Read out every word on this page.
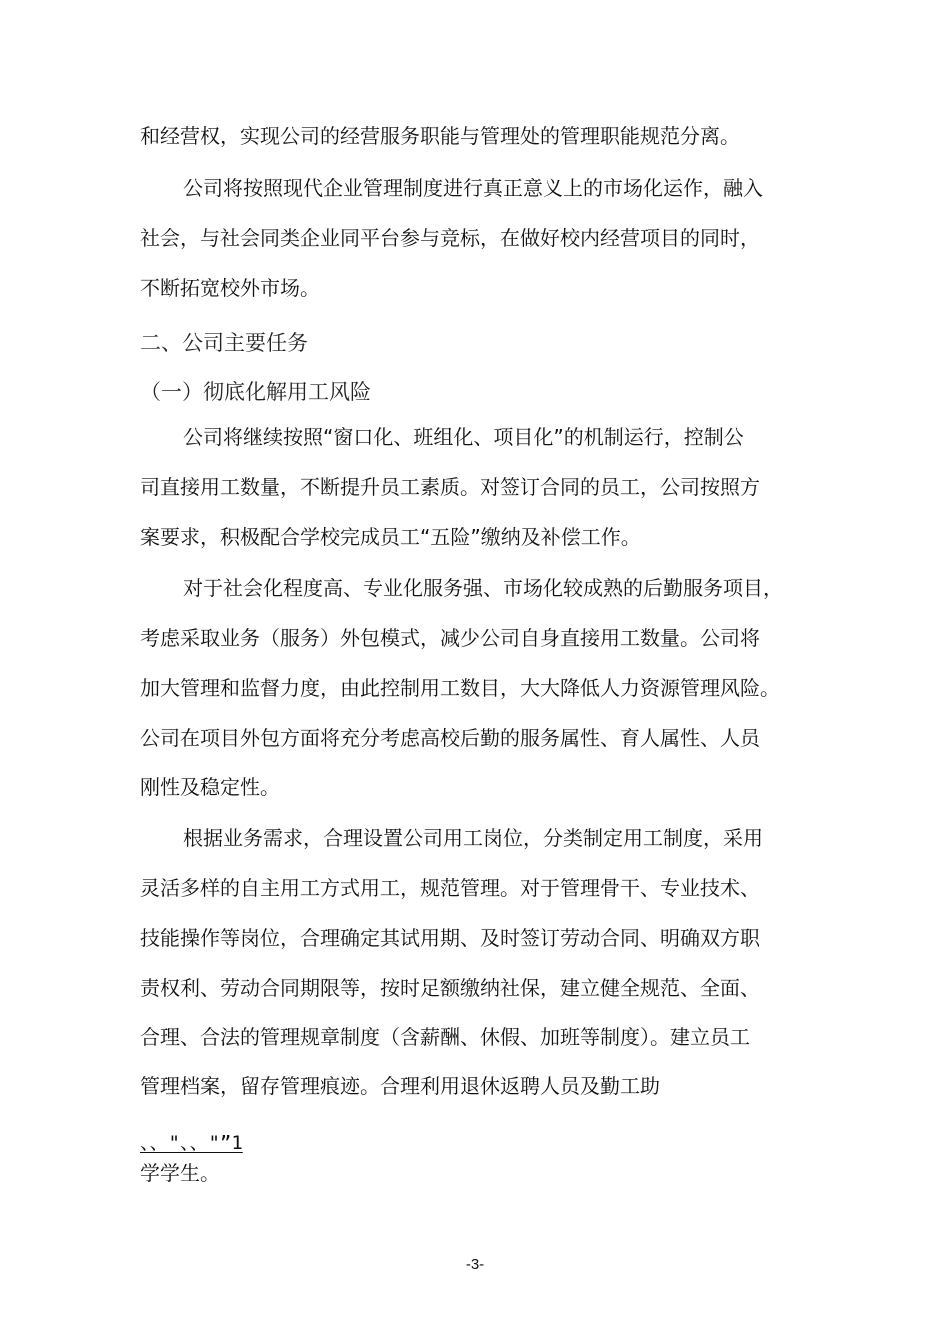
和经营权，实现公司的经营服务职能与管理处的管理职能规范分离。
公司将按照现代企业管理制度进行真正意义上的市场化运作，融入
社会，与社会同类企业同平台参与竞标，在做好校内经营项目的同时，
不断拓宽校外市场。
二、公司主要任务
（一）彻底化解用工风险
公司将继续按照“窗口化、班组化、项目化”的机制运行，控制公
司直接用工数量，不断提升员工素质。对签订合同的员工，公司按照方
案要求，积极配合学校完成员工“五险”缴纳及补偿工作。
对于社会化程度高、专业化服务强、市场化较成熟的后勤服务项目，
考虑采取业务（服务）外包模式，减少公司自身直接用工数量。公司将
加大管理和监督力度，由此控制用工数目，大大降低人力资源管理风险。
公司在项目外包方面将充分考虑高校后勤的服务属性、育人属性、人员
刚性及稳定性。
根据业务需求，合理设置公司用工岗位，分类制定用工制度，采用
灵活多样的自主用工方式用工，规范管理。对于管理骨干、专业技术、
技能操作等岗位，合理确定其试用期、及时签订劳动合同、明确双方职
责权利、劳动合同期限等，按时足额缴纳社保，建立健全规范、全面、
合理、合法的管理规章制度（含薪酬、休假、加班等制度）。建立员工
管理档案，留存管理痕迹。合理利用退休返聘人员及勤工助
、、"、、"”1
学学生。
-3-
